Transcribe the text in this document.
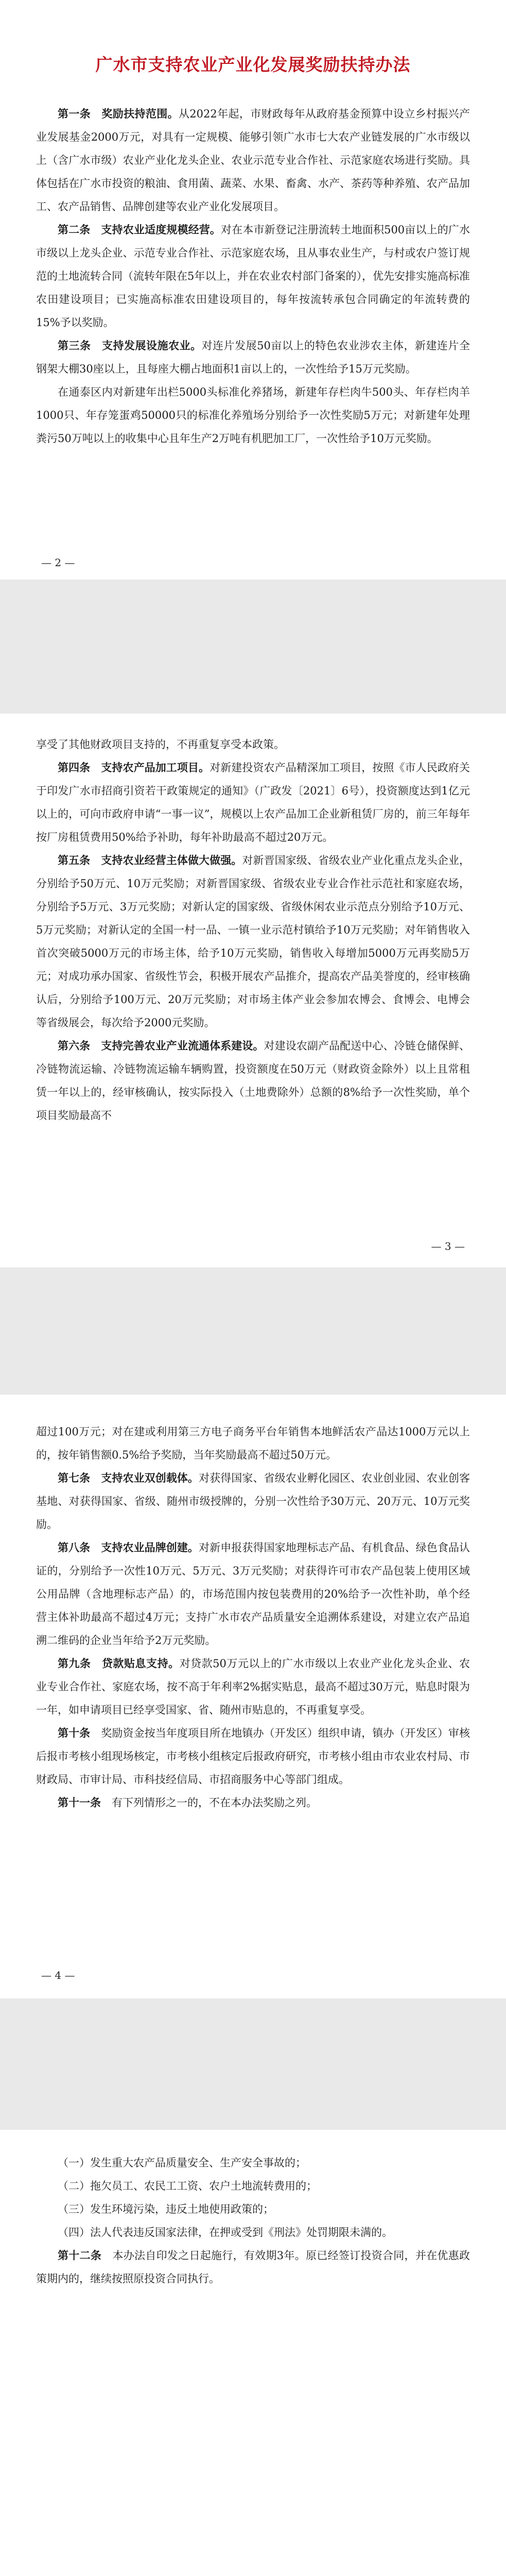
广水市支持农业产业化发展奖励扶持办法

第一条　奖励扶持范围。从2022年起，市财政每年从政府基金预算中设立乡村振兴产业发展基金2000万元，对具有一定规模、能够引领广水市七大农产业链发展的广水市级以上（含广水市级）农业产业化龙头企业、农业示范专业合作社、示范家庭农场进行奖励。具体包括在广水市投资的粮油、食用菌、蔬菜、水果、畜禽、水产、茶药等种养殖、农产品加工、农产品销售、品牌创建等农业产业化发展项目。

第二条　支持农业适度规模经营。对在本市新登记注册流转土地面积500亩以上的广水市级以上龙头企业、示范专业合作社、示范家庭农场，且从事农业生产，与村或农户签订规范的土地流转合同（流转年限在5年以上，并在农业农村部门备案的），优先安排实施高标准农田建设项目；已实施高标准农田建设项目的，每年按流转承包合同确定的年流转费的15%予以奖励。

第三条　支持发展设施农业。对连片发展50亩以上的特色农业涉农主体，新建连片全钢架大棚30座以上，且每座大棚占地面积1亩以上的，一次性给予15万元奖励。

在通泰区内对新建年出栏5000头标准化养猪场，新建年存栏肉牛500头、年存栏肉羊1000只、年存笼蛋鸡50000只的标准化养殖场分别给予一次性奖励5万元；对新建年处理粪污50万吨以上的收集中心且年生产2万吨有机肥加工厂，一次性给予10万元奖励。

— 2 —

享受了其他财政项目支持的，不再重复享受本政策。

第四条　支持农产品加工项目。对新建投资农产品精深加工项目，按照《市人民政府关于印发广水市招商引资若干政策规定的通知》（广政发〔2021〕6号），投资额度达到1亿元以上的，可向市政府申请“一事一议”，规模以上农产品加工企业新租赁厂房的，前三年每年按厂房租赁费用50%给予补助，每年补助最高不超过20万元。

第五条　支持农业经营主体做大做强。对新晋国家级、省级农业产业化重点龙头企业，分别给予50万元、10万元奖励；对新晋国家级、省级农业专业合作社示范社和家庭农场，分别给予5万元、3万元奖励；对新认定的国家级、省级休闲农业示范点分别给予10万元、5万元奖励；对新认定的全国一村一品、一镇一业示范村镇给予10万元奖励；对年销售收入首次突破5000万元的市场主体，给予10万元奖励，销售收入每增加5000万元再奖励5万元；对成功承办国家、省级性节会，积极开展农产品推介，提高农产品美誉度的，经审核确认后，分别给予100万元、20万元奖励；对市场主体产业会参加农博会、食博会、电博会等省级展会，每次给予2000元奖励。

第六条　支持完善农业产业流通体系建设。对建设农副产品配送中心、冷链仓储保鲜、冷链物流运输、冷链物流运输车辆购置，投资额度在50万元（财政资金除外）以上且常租赁一年以上的，经审核确认，按实际投入（土地费除外）总额的8%给予一次性奖励，单个项目奖励最高不

— 3 —

超过100万元；对在建或利用第三方电子商务平台年销售本地鲜活农产品达1000万元以上的，按年销售额0.5%给予奖励，当年奖励最高不超过50万元。

第七条　支持农业双创载体。对获得国家、省级农业孵化园区、农业创业园、农业创客基地、对获得国家、省级、随州市级授牌的，分别一次性给予30万元、20万元、10万元奖励。

第八条　支持农业品牌创建。对新申报获得国家地理标志产品、有机食品、绿色食品认证的，分别给予一次性10万元、5万元、3万元奖励；对获得许可市农产品包装上使用区域公用品牌（含地理标志产品）的，市场范围内按包装费用的20%给予一次性补助，单个经营主体补助最高不超过4万元；支持广水市农产品质量安全追溯体系建设，对建立农产品追溯二维码的企业当年给予2万元奖励。

第九条　贷款贴息支持。对贷款50万元以上的广水市级以上农业产业化龙头企业、农业专业合作社、家庭农场，按不高于年利率2%据实贴息，最高不超过30万元，贴息时限为一年，如申请项目已经享受国家、省、随州市贴息的，不再重复享受。

第十条　奖励资金按当年度项目所在地镇办（开发区）组织申请，镇办（开发区）审核后报市考核小组现场核定，市考核小组核定后报政府研究，市考核小组由市农业农村局、市财政局、市审计局、市科技经信局、市招商服务中心等部门组成。

第十一条　有下列情形之一的，不在本办法奖励之列。

— 4 —

（一）发生重大农产品质量安全、生产安全事故的；

（二）拖欠员工、农民工工资、农户土地流转费用的；

（三）发生环境污染，违反土地使用政策的；

（四）法人代表违反国家法律，在押或受到《刑法》处罚期限未满的。

第十二条　本办法自印发之日起施行，有效期3年。原已经签订投资合同，并在优惠政策期内的，继续按照原投资合同执行。
